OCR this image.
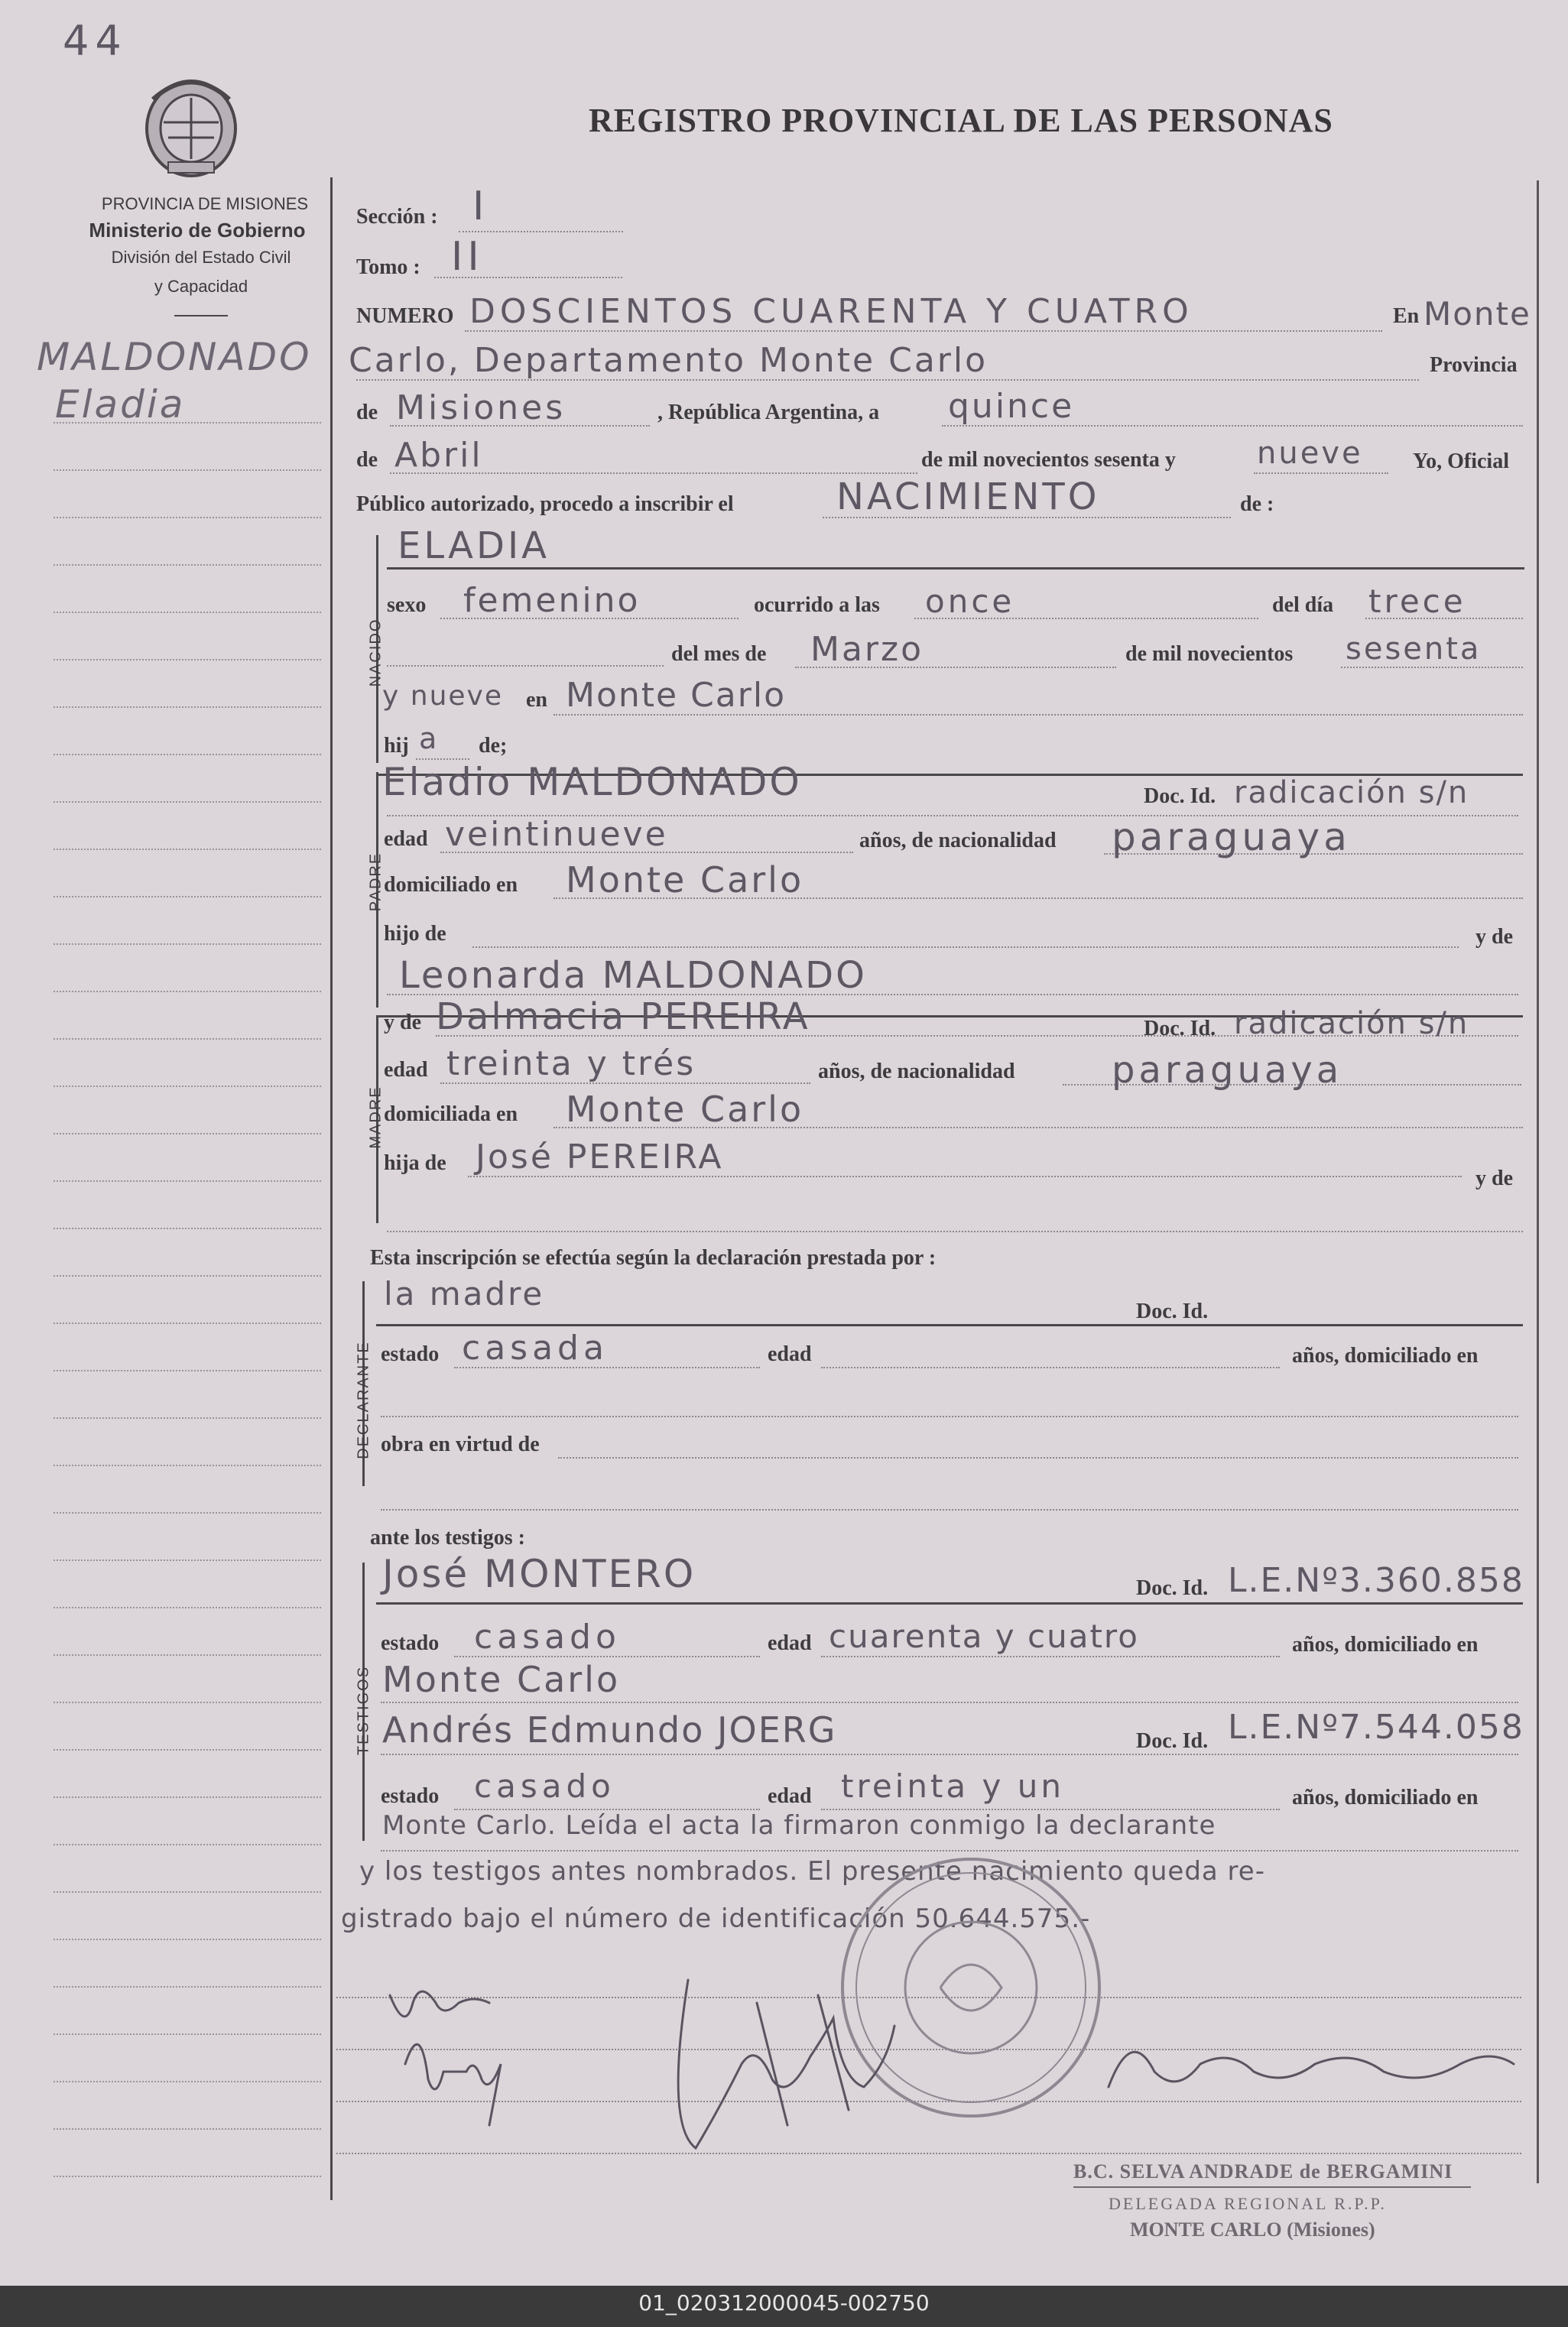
44
REGISTRO PROVINCIAL DE LAS PERSONAS
PROVINCIA DE MISIONES
Ministerio de Gobierno
División del Estado Civil
y Capacidad
MALDONADO
Eladia
Sección : I
Tomo : II
NUMERO DOSCIENTOS CUARENTA Y CUATRO	En Monte
Carlo, Departamento Monte Carlo	Provincia
de Misiones	, República Argentina, a quince
de Abril	de mil novecientos sesenta y	nueve Yo, Oficial
Público autorizado, procedo a inscribir el	NACIMIENTO	de :
NACIDO
ELADIA
sexo femenino	ocurrido a las once	del día trece
del mes de Marzo	de mil novecientos sesenta
y nueve en Monte Carlo
hij a de;
PADRE
Eladio MALDONADO	Doc. Id. radicación s/n
edad veintinueve	años, de nacionalidad paraguaya
domiciliado en Monte Carlo
hijo de	y de
Leonarda MALDONADO
MADRE
y de Dalmacia PEREIRA	Doc. Id. radicación s/n
edad treinta y trés	años, de nacionalidad	paraguaya
domiciliada en Monte Carlo
hija de José PEREIRA
y de
Esta inscripción se efectúa según la declaración prestada por :
DECLARANTE
la madre	Doc. Id.
estado casada	edad	años, domiciliado en
obra en virtud de
ante los testigos :
TESTIGOS
José MONTERO	Doc. Id. L.E.Nº3.360.858
estado casado	edad cuarenta y cuatro	años, domiciliado en
Monte Carlo
Andrés Edmundo JOERG	Doc. Id. L.E.Nº7.544.058
estado casado	edad treinta y un	años, domiciliado en
Monte Carlo. Leída el acta la firmaron conmigo la declarante
y los testigos antes nombrados. El presente nacimiento queda re-
gistrado bajo el número de identificación 50.644.575.-
B.C. SELVA ANDRADE de BERGAMINI
DELEGADA REGIONAL R.P.P.
MONTE CARLO (Misiones)
01_020312000045-002750
